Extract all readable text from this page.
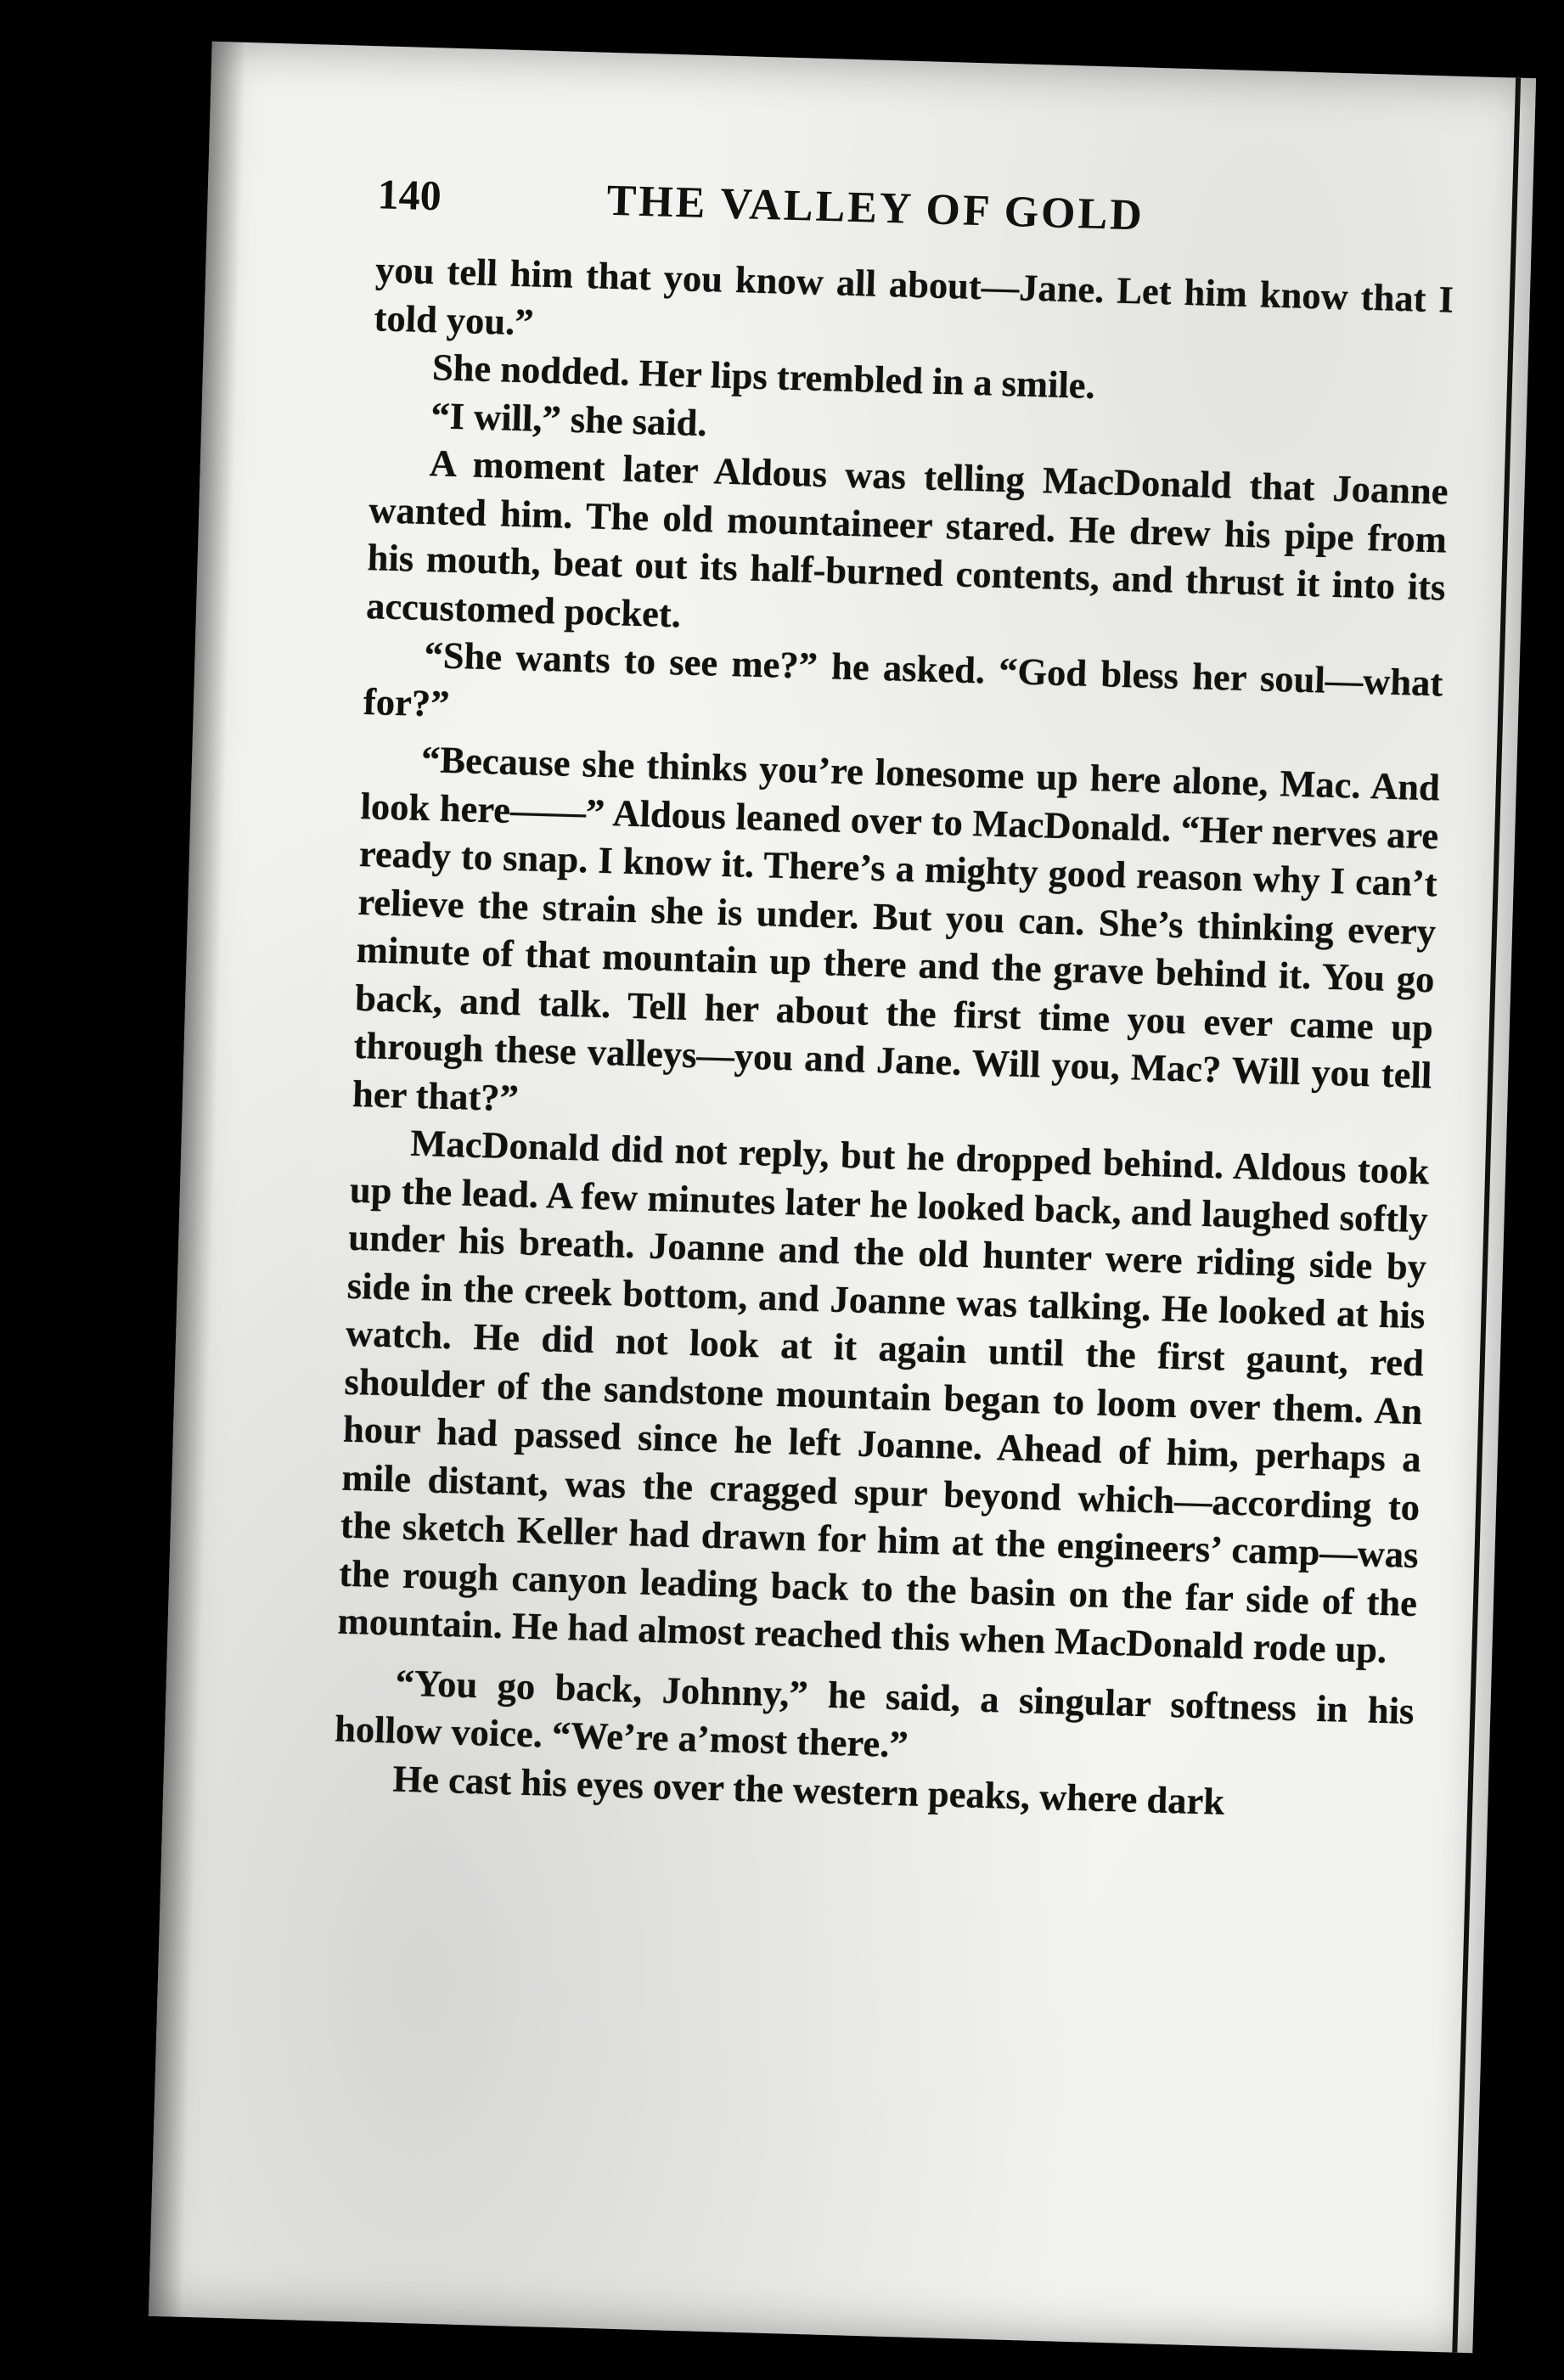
140	THE VALLEY OF GOLD

you tell him that you know all about—Jane. Let him know that I told you.”

She nodded. Her lips trembled in a smile.

“I will,” she said.

A moment later Aldous was telling MacDonald that Joanne wanted him. The old mountaineer stared. He drew his pipe from his mouth, beat out its half-burned contents, and thrust it into its accustomed pocket.

“She wants to see me?” he asked. “God bless her soul—what for?”

“Because she thinks you’re lonesome up here alone, Mac. And look here——” Aldous leaned over to MacDonald. “Her nerves are ready to snap. I know it. There’s a mighty good reason why I can’t relieve the strain she is under. But you can. She’s thinking every minute of that mountain up there and the grave behind it. You go back, and talk. Tell her about the first time you ever came up through these valleys—you and Jane. Will you, Mac? Will you tell her that?”

MacDonald did not reply, but he dropped behind. Aldous took up the lead. A few minutes later he looked back, and laughed softly under his breath. Joanne and the old hunter were riding side by side in the creek bottom, and Joanne was talking. He looked at his watch. He did not look at it again until the first gaunt, red shoulder of the sandstone mountain began to loom over them. An hour had passed since he left Joanne. Ahead of him, perhaps a mile distant, was the cragged spur beyond which—according to the sketch Keller had drawn for him at the engineers’ camp—was the rough canyon leading back to the basin on the far side of the mountain. He had almost reached this when MacDonald rode up.

“You go back, Johnny,” he said, a singular softness in his hollow voice. “We’re a’most there.”

He cast his eyes over the western peaks, where dark
